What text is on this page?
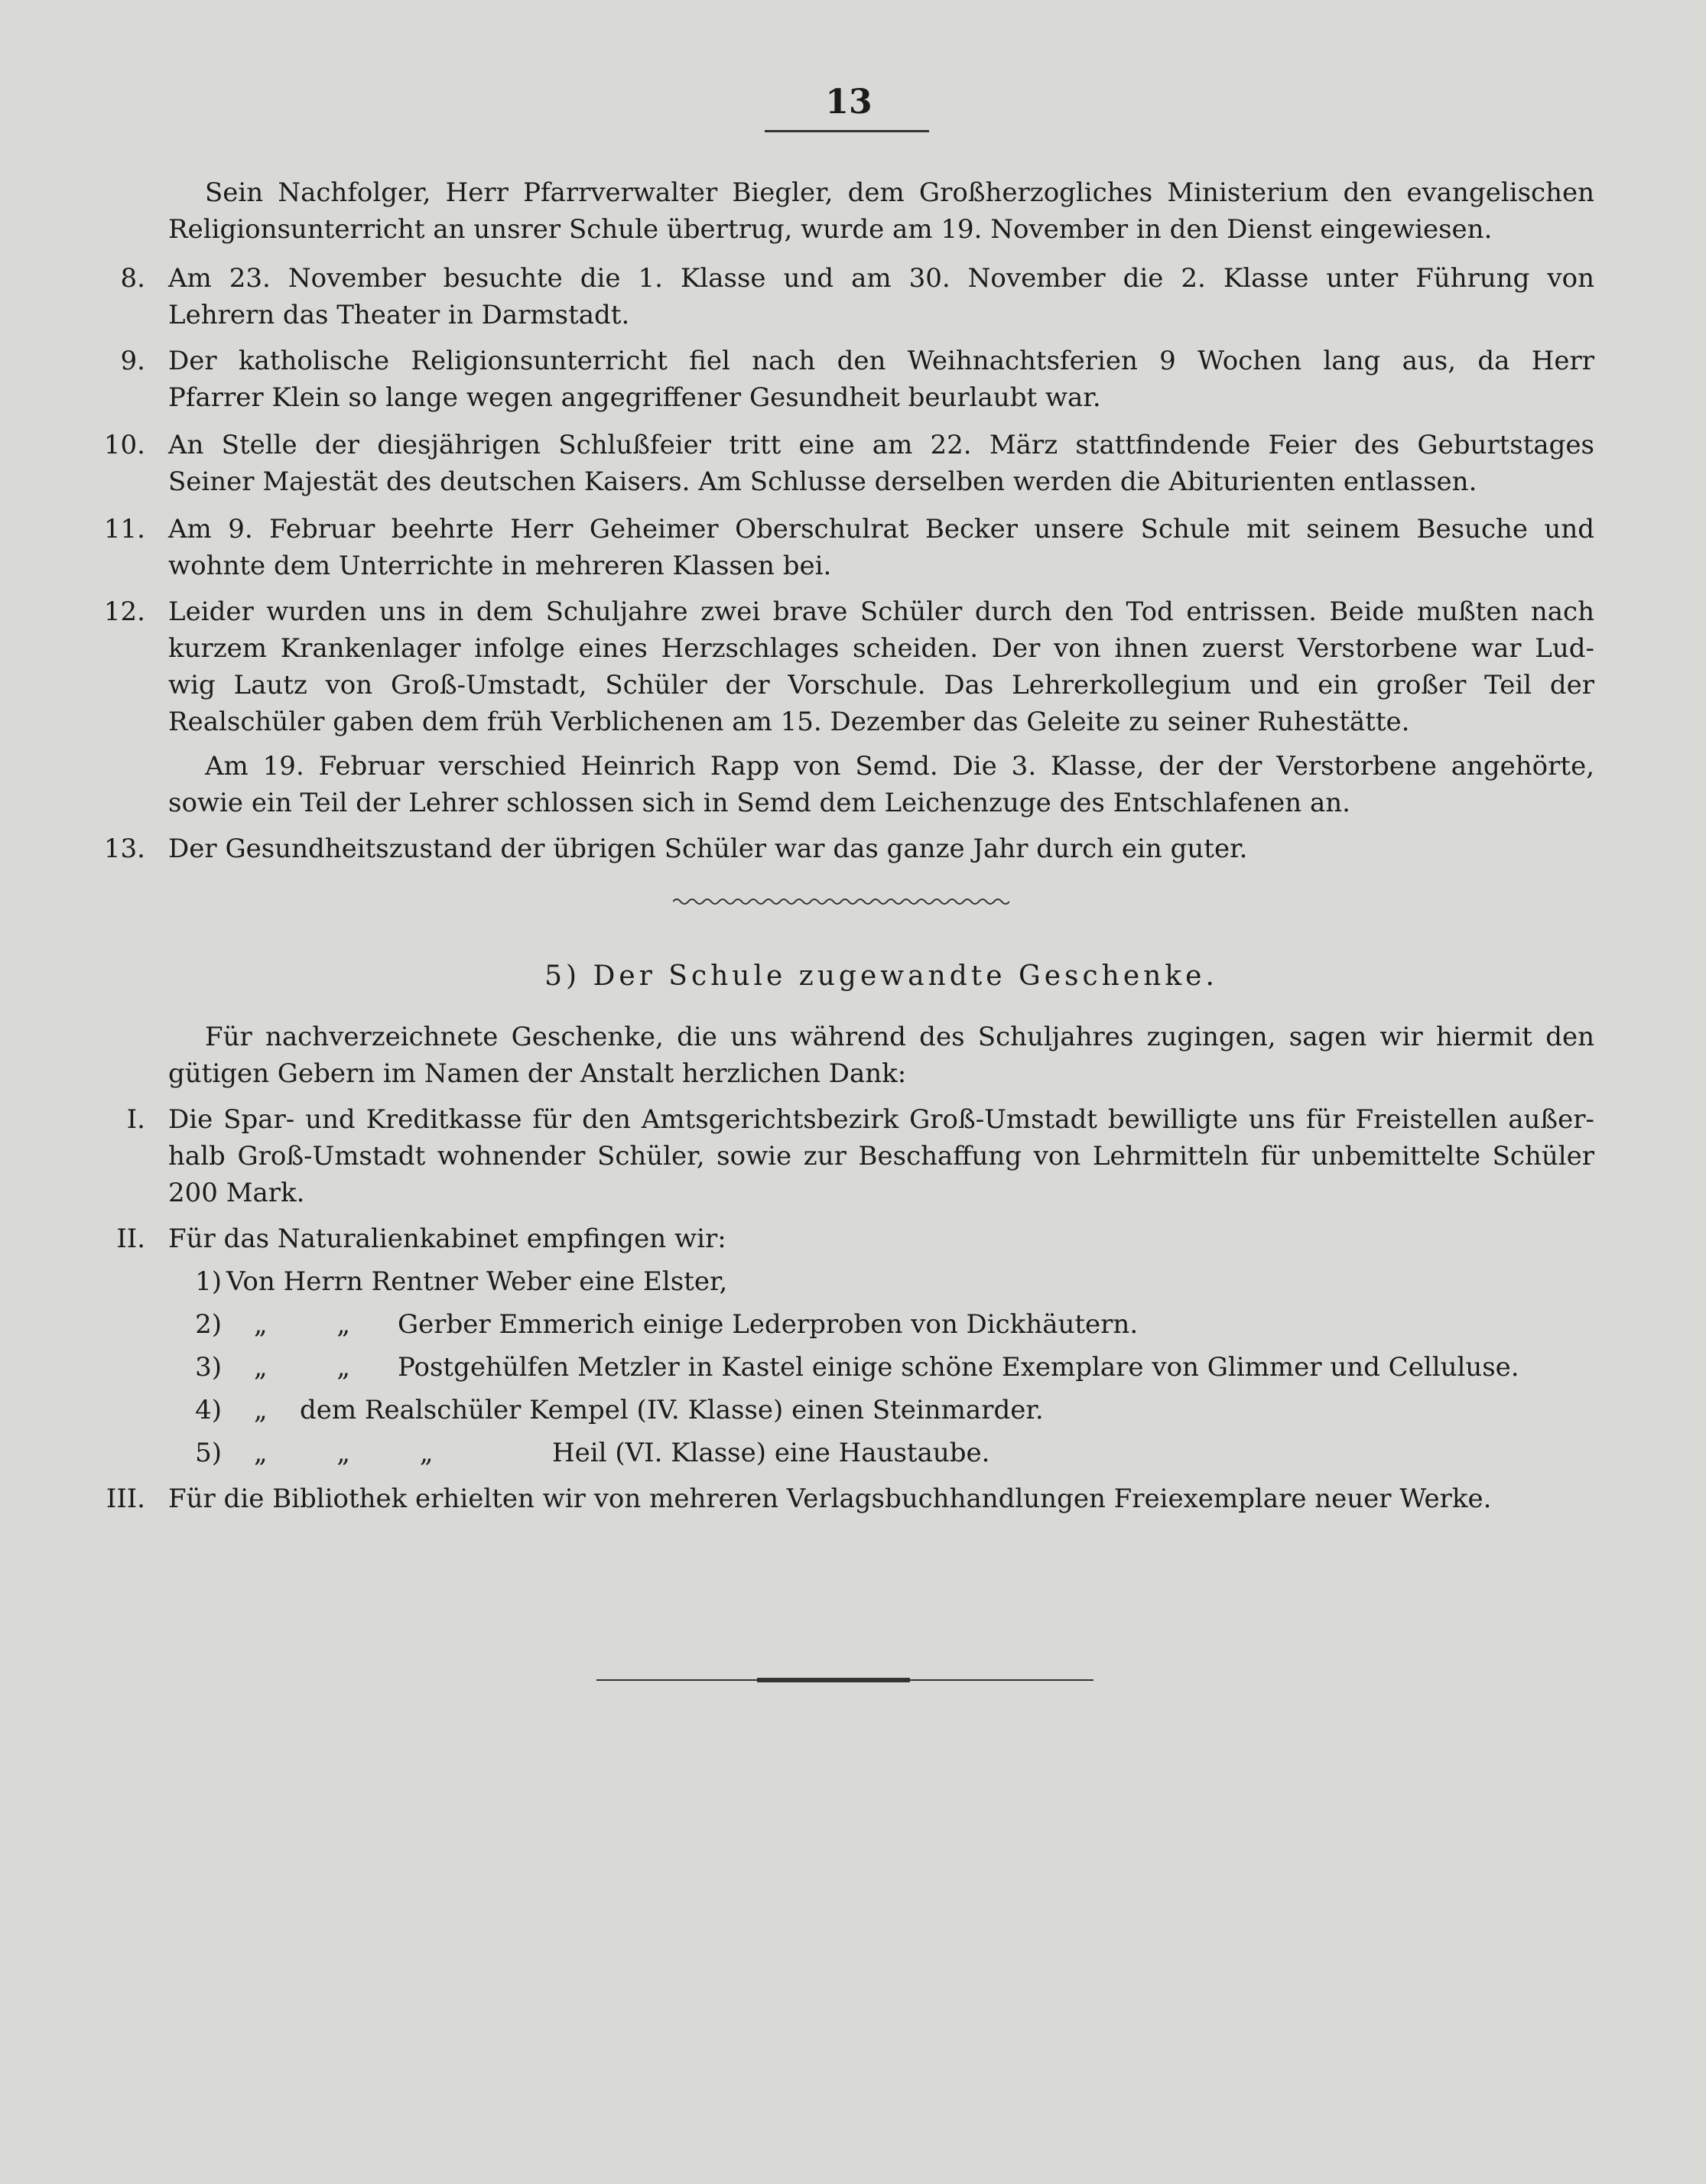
13
Sein Nachfolger, Herr Pfarrverwalter Biegler, dem Großherzogliches Ministerium den evangelischen
Religionsunterricht an unsrer Schule übertrug, wurde am 19. November in den Dienst eingewiesen.
8. Am 23. November besuchte die 1. Klasse und am 30. November die 2. Klasse unter Führung von
Lehrern das Theater in Darmstadt.
9. Der katholische Religionsunterricht fiel nach den Weihnachtsferien 9 Wochen lang aus, da Herr
Pfarrer Klein so lange wegen angegriffener Gesundheit beurlaubt war.
10. An Stelle der diesjährigen Schlußfeier tritt eine am 22. März stattfindende Feier des Geburtstages
Seiner Majestät des deutschen Kaisers. Am Schlusse derselben werden die Abiturienten entlassen.
11. Am 9. Februar beehrte Herr Geheimer Oberschulrat Becker unsere Schule mit seinem Besuche und
wohnte dem Unterrichte in mehreren Klassen bei.
12. Leider wurden uns in dem Schuljahre zwei brave Schüler durch den Tod entrissen. Beide mußten nach
kurzem Krankenlager infolge eines Herzschlages scheiden. Der von ihnen zuerst Verstorbene war Lud-
wig Lautz von Groß-Umstadt, Schüler der Vorschule. Das Lehrerkollegium und ein großer Teil der
Realschüler gaben dem früh Verblichenen am 15. Dezember das Geleite zu seiner Ruhestätte.
Am 19. Februar verschied Heinrich Rapp von Semd. Die 3. Klasse, der der Verstorbene angehörte,
sowie ein Teil der Lehrer schlossen sich in Semd dem Leichenzuge des Entschlafenen an.
13. Der Gesundheitszustand der übrigen Schüler war das ganze Jahr durch ein guter.
5) Der Schule zugewandte Geschenke.
Für nachverzeichnete Geschenke, die uns während des Schuljahres zugingen, sagen wir hiermit den
gütigen Gebern im Namen der Anstalt herzlichen Dank:
I. Die Spar- und Kreditkasse für den Amtsgerichtsbezirk Groß-Umstadt bewilligte uns für Freistellen außer-
halb Groß-Umstadt wohnender Schüler, sowie zur Beschaffung von Lehrmitteln für unbemittelte Schüler
200 Mark.
II. Für das Naturalienkabinet empfingen wir:
1) Von Herrn Rentner Weber eine Elster,
2) „ „ Gerber Emmerich einige Lederproben von Dickhäutern.
3) „ „ Postgehülfen Metzler in Kastel einige schöne Exemplare von Glimmer und Celluluse.
4) „ dem Realschüler Kempel (IV. Klasse) einen Steinmarder.
5) „ „ „	Heil (VI. Klasse) eine Haustaube.
III. Für die Bibliothek erhielten wir von mehreren Verlagsbuchhandlungen Freiexemplare neuer Werke.
